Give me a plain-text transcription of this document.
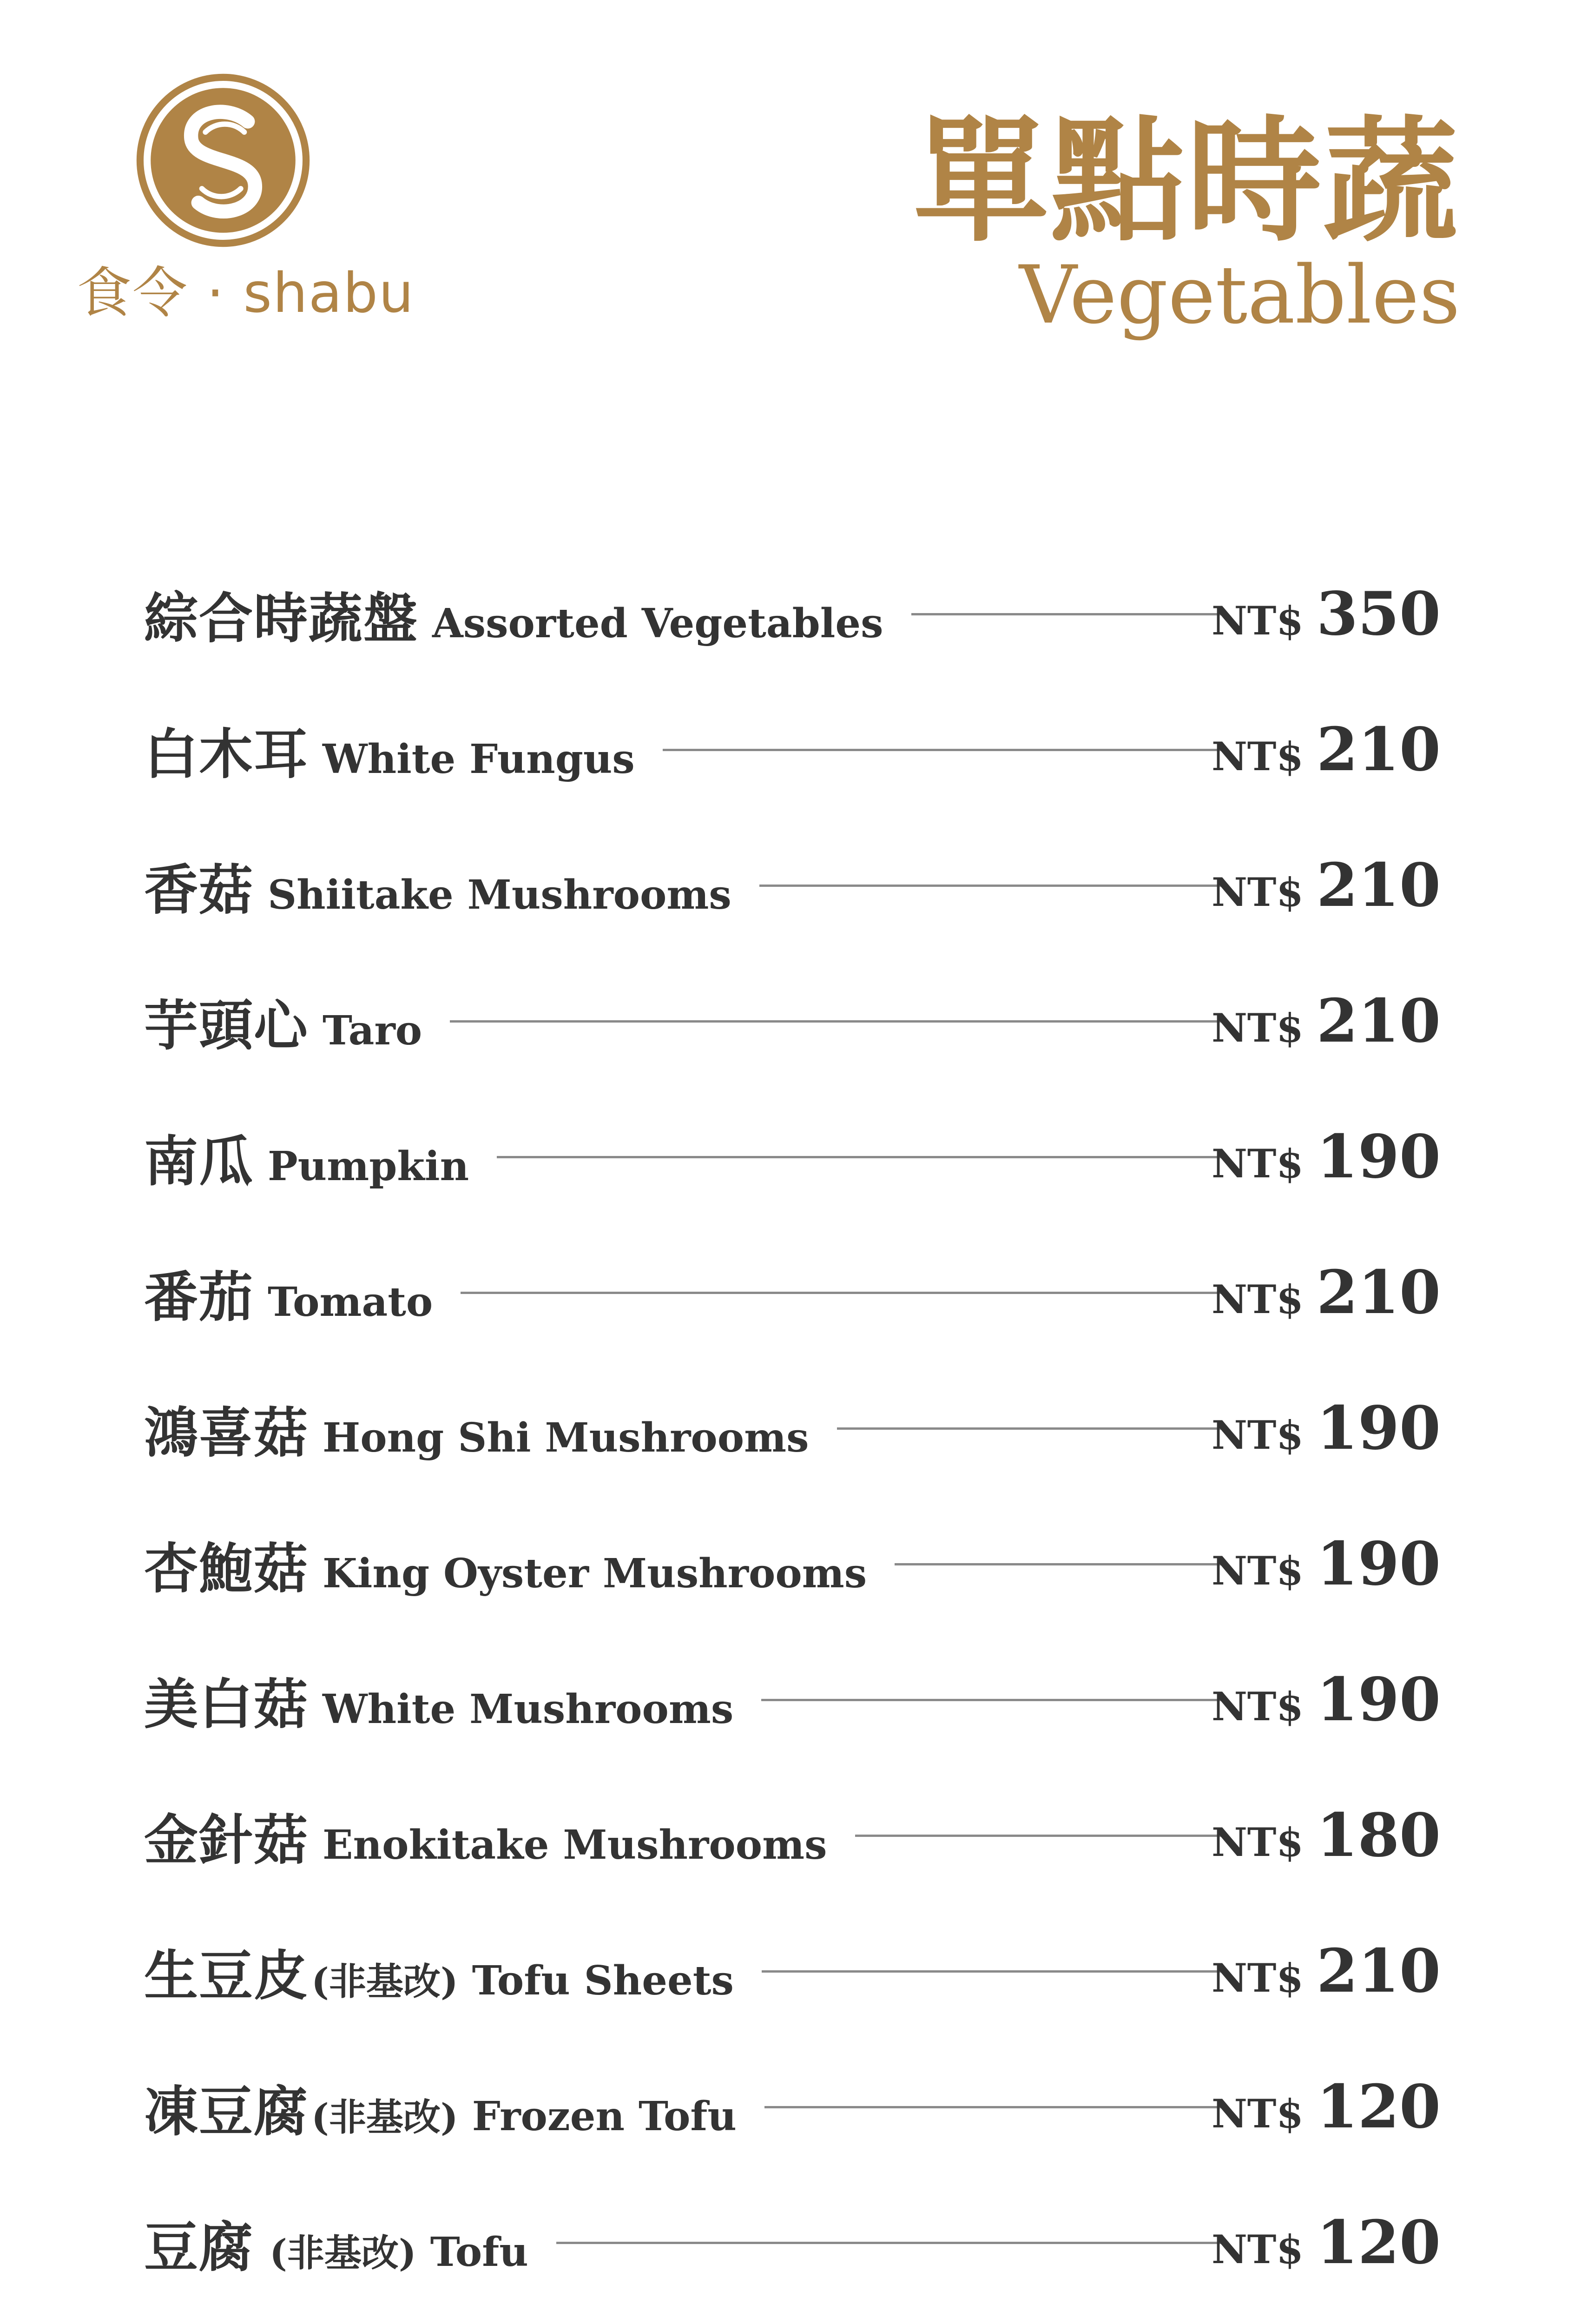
食令 · shabu
單點時蔬
Vegetables
綜合時蔬盤 Assorted Vegetables	NT$ 350
白木耳 White Fungus	NT$ 210
香菇 Shiitake Mushrooms	NT$ 210
芋頭心 Taro	NT$ 210
南瓜 Pumpkin	NT$ 190
番茄 Tomato	NT$ 210
鴻喜菇 Hong Shi Mushrooms	NT$ 190
杏鮑菇 King Oyster Mushrooms	NT$ 190
美白菇 White Mushrooms	NT$ 190
金針菇 Enokitake Mushrooms	NT$ 180
生豆皮 (非基改) Tofu Sheets	NT$ 210
凍豆腐 (非基改) Frozen Tofu	NT$ 120
豆腐 (非基改) Tofu	NT$ 120
